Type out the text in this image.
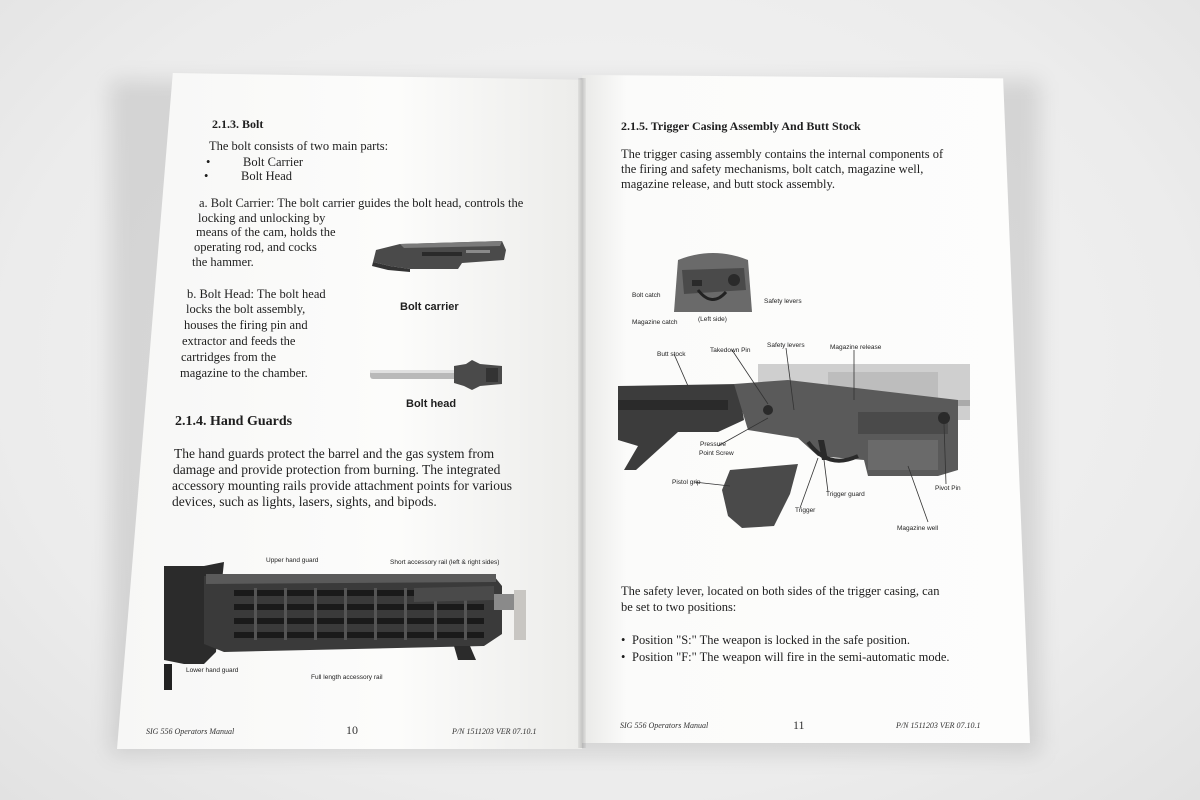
2.1.3. Bolt
The bolt consists of two main parts:
•	Bolt Carrier
•	Bolt Head
a. Bolt Carrier: The bolt carrier guides the bolt head, controls the
locking and unlocking by
means of the cam, holds the
operating rod, and cocks
the hammer.
Bolt carrier
b. Bolt Head: The bolt head
locks the bolt assembly,
houses the firing pin and
extractor and feeds the
cartridges from the
magazine to the chamber.
Bolt head
2.1.4. Hand Guards
The hand guards protect the barrel and the gas system from
damage and provide protection from burning. The integrated
accessory mounting rails provide attachment points for various
devices, such as lights, lasers, sights, and bipods.
Upper hand guard	Short accessory rail (left & right sides)
Lower hand guard
Full length accessory rail
SIG 556 Operators Manual	10	P/N 1511203 VER 07.10.1
2.1.5. Trigger Casing Assembly And Butt Stock
The trigger casing assembly contains the internal components of
the firing and safety mechanisms, bolt catch, magazine well,
magazine release, and butt stock assembly.
Bolt catch
Safety levers
Magazine catch	(Left side)
Butt stock
Takedown Pin
Safety levers	Magazine release
Pressure
Point Screw
Pistol grip
Trigger guard
Pivot Pin
Trigger
Magazine well
The safety lever, located on both sides of the trigger casing, can
be set to two positions:
• Position "S:" The weapon is locked in the safe position.
• Position "F:" The weapon will fire in the semi-automatic mode.
SIG 556 Operators Manual	11	P/N 1511203 VER 07.10.1
